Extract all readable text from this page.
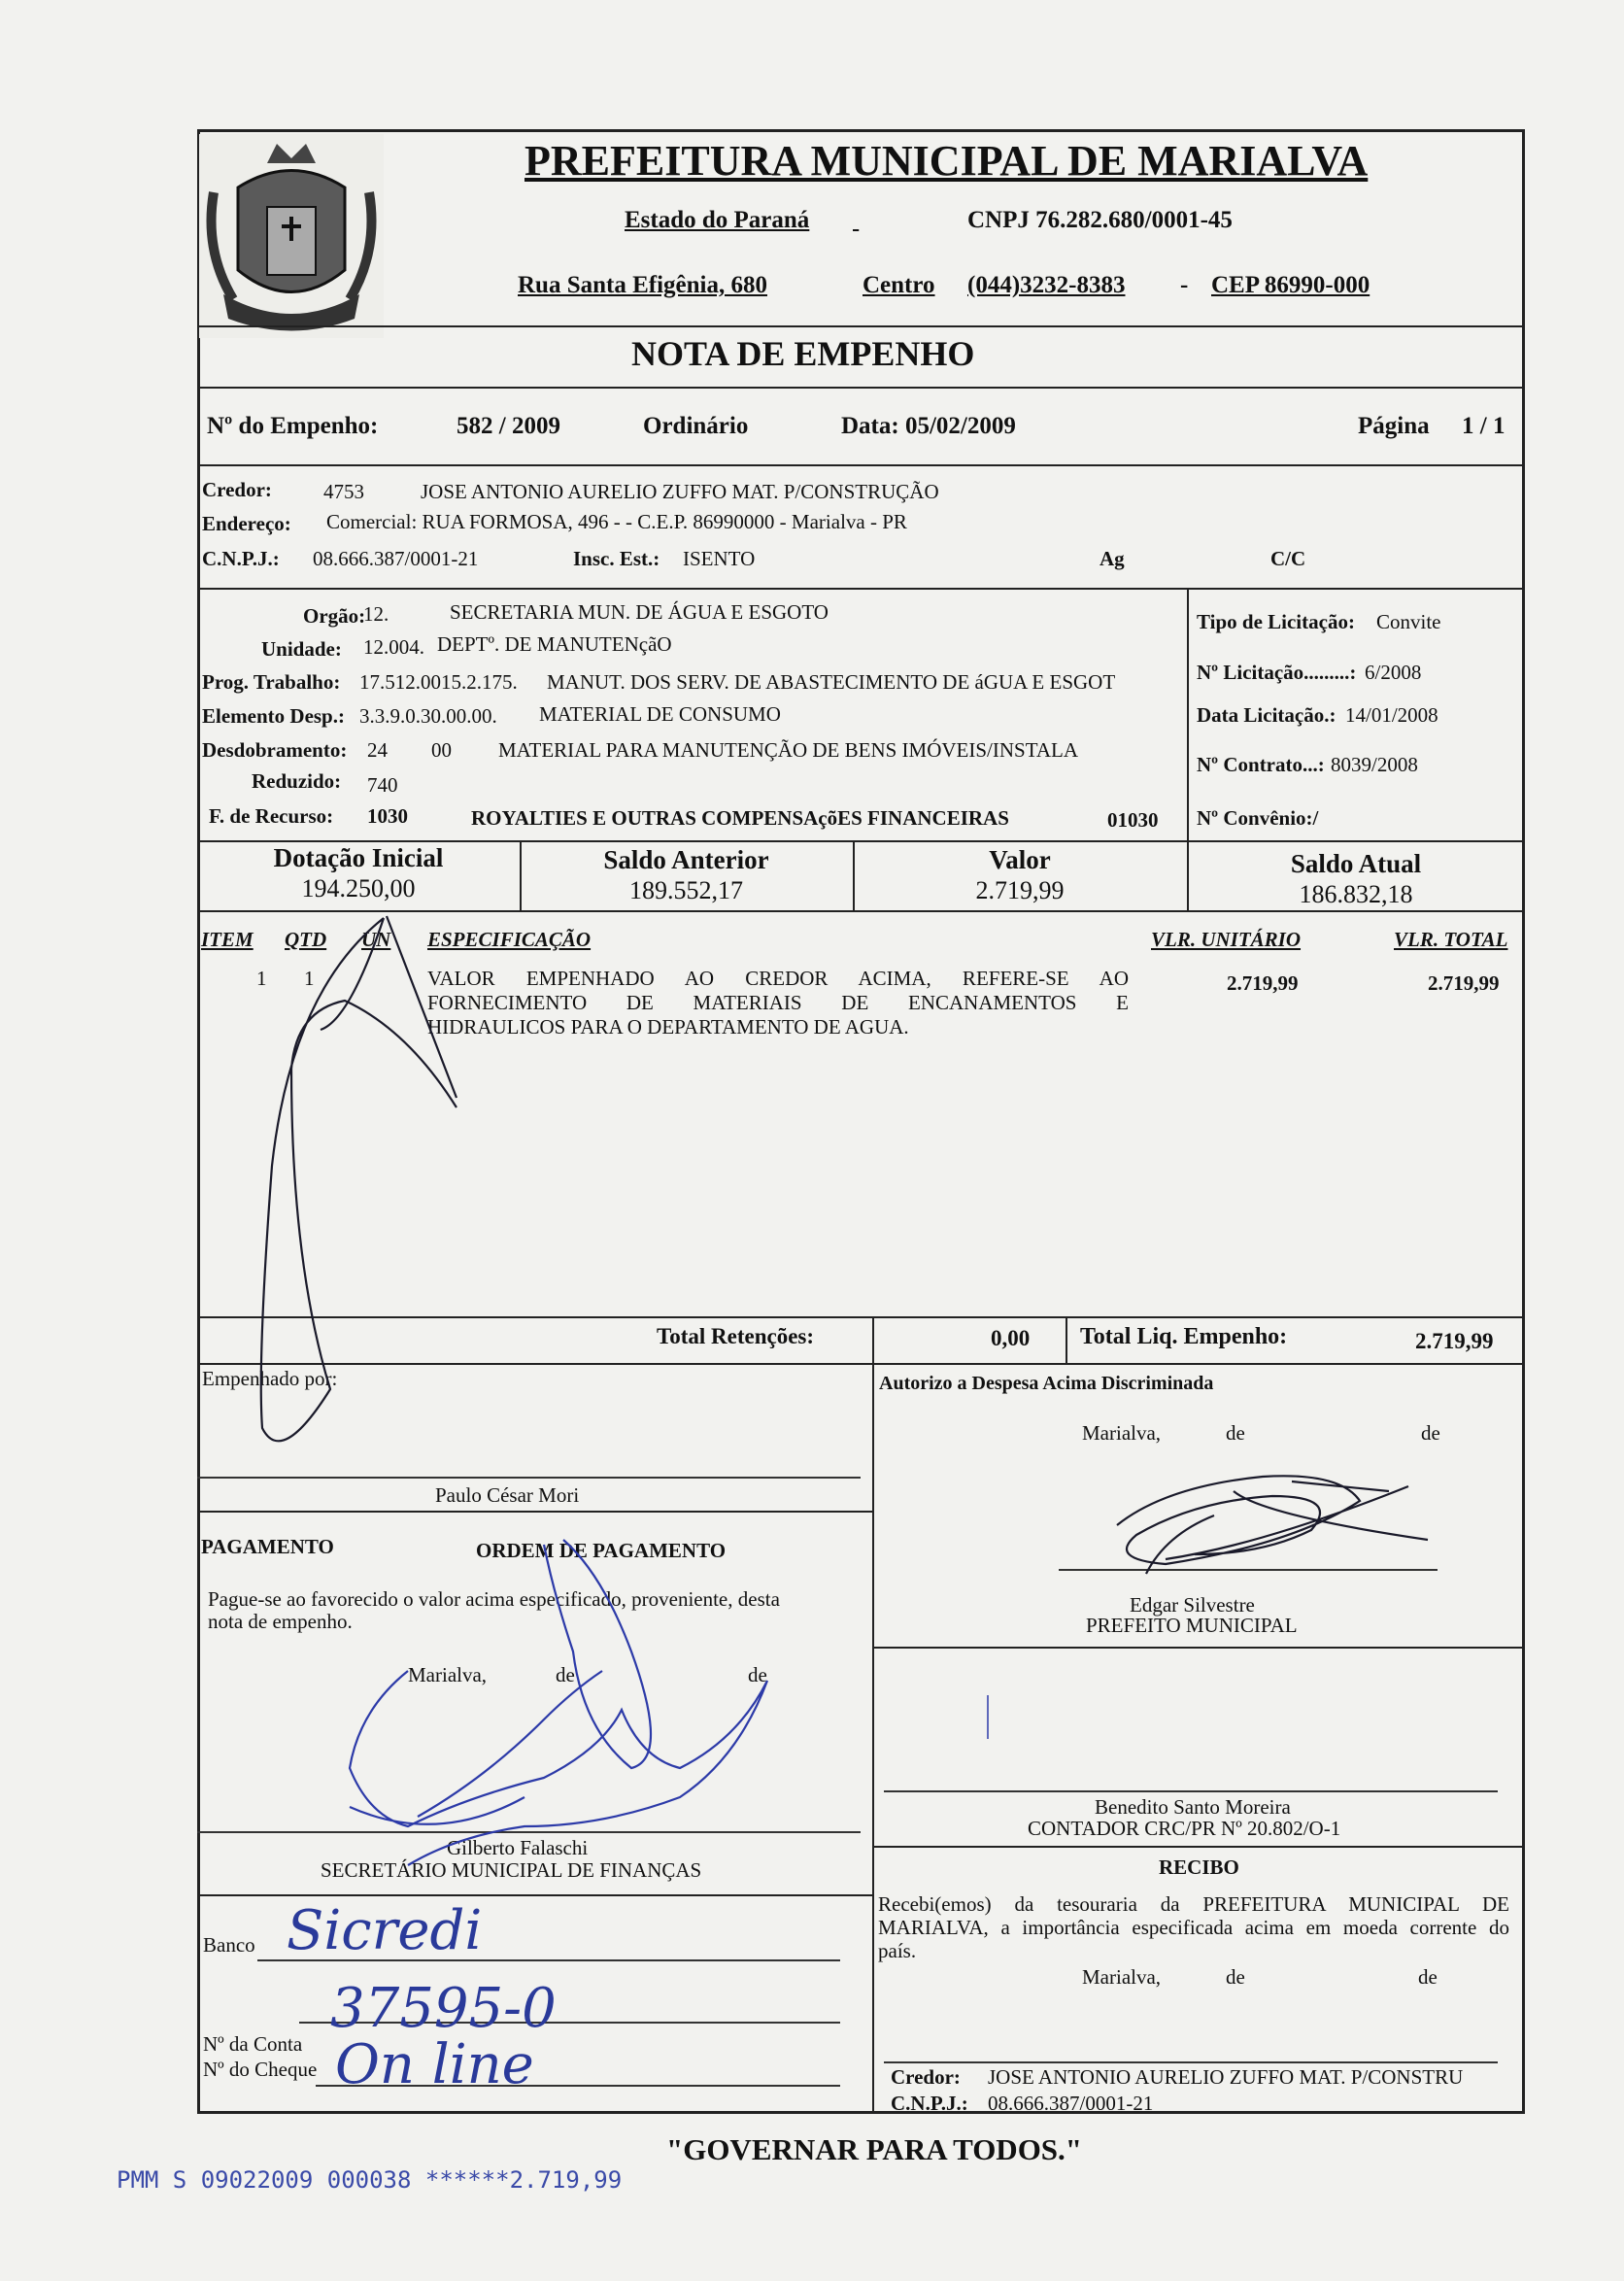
PREFEITURA MUNICIPAL DE MARIALVA
Estado do Paraná
	CNPJ 76.282.680/0001-45
Rua Santa Efigênia, 680	Centro (044)3232-8383 - CEP 86990-000
NOTA DE EMPENHO
Nº do Empenho:	582 / 2009	Ordinário	Data: 05/02/2009	Página 1 / 1
Credor:	4753	JOSE ANTONIO AURELIO ZUFFO MAT. P/CONSTRUÇÃO
Endereço: Comercial: RUA FORMOSA, 496 - - C.E.P. 86990000 - Marialva - PR
C.N.P.J.: 08.666.387/0001-21	Insc. Est.: ISENTO	Ag	C/C
Orgão:
12.	SECRETARIA MUN. DE ÁGUA E ESGOTO
Unidade: 12.004. DEPTº. DE MANUTENçãO
Prog. Trabalho: 17.512.0015.2.175. MANUT. DOS SERV. DE ABASTECIMENTO DE áGUA E ESGOT
Elemento Desp.: 3.3.9.0.30.00.00. MATERIAL DE CONSUMO
Desdobramento: 24 00 MATERIAL PARA MANUTENÇÃO DE BENS IMÓVEIS/INSTALA
Reduzido: 740
F. de Recurso: 1030	ROYALTIES E OUTRAS COMPENSAçõES FINANCEIRAS	01030
Tipo de Licitação: Convite
Nº Licitação.........: 6/2008
Data Licitação.: 14/01/2008
Nº Contrato...: 8039/2008
Nº Convênio:/
Dotação Inicial
194.250,00
Saldo Anterior
189.552,17
Valor
2.719,99
Saldo Atual
186.832,18
ITEM QTD UN ESPECIFICAÇÃO	VLR. UNITÁRIO	VLR. TOTAL
1 1	VALOR EMPENHADO AO CREDOR ACIMA, REFERE-SE AO
FORNECIMENTO DE MATERIAIS DE ENCANAMENTOS E
HIDRAULICOS PARA O DEPARTAMENTO DE AGUA.
2.719,99	2.719,99
Total Retenções:	0,00 Total Liq. Empenho:	2.719,99
Empenhado por:
Paulo César Mori
Autorizo a Despesa Acima Discriminada
Marialva,	de	de
Edgar Silvestre
PREFEITO MUNICIPAL
PAGAMENTO	ORDEM DE PAGAMENTO
Pague-se ao favorecido o valor acima especificado, proveniente, desta
nota de empenho.
Marialva,	de	de
Gilberto Falaschi
SECRETÁRIO MUNICIPAL DE FINANÇAS
Benedito Santo Moreira
CONTADOR CRC/PR Nº 20.802/O-1
RECIBO
Recebi(emos) da tesouraria da PREFEITURA MUNICIPAL DE
MARIALVA, a importância especificada acima em moeda corrente do
país.
Marialva,	de	de
Credor: JOSE ANTONIO AURELIO ZUFFO MAT. P/CONSTRU
C.N.P.J.: 08.666.387/0001-21
Banco Sicredi
Nº da Conta
37595-0
Nº do Cheque On line
"GOVERNAR PARA TODOS."
PMM S 09022009 000038 ******2.719,99
